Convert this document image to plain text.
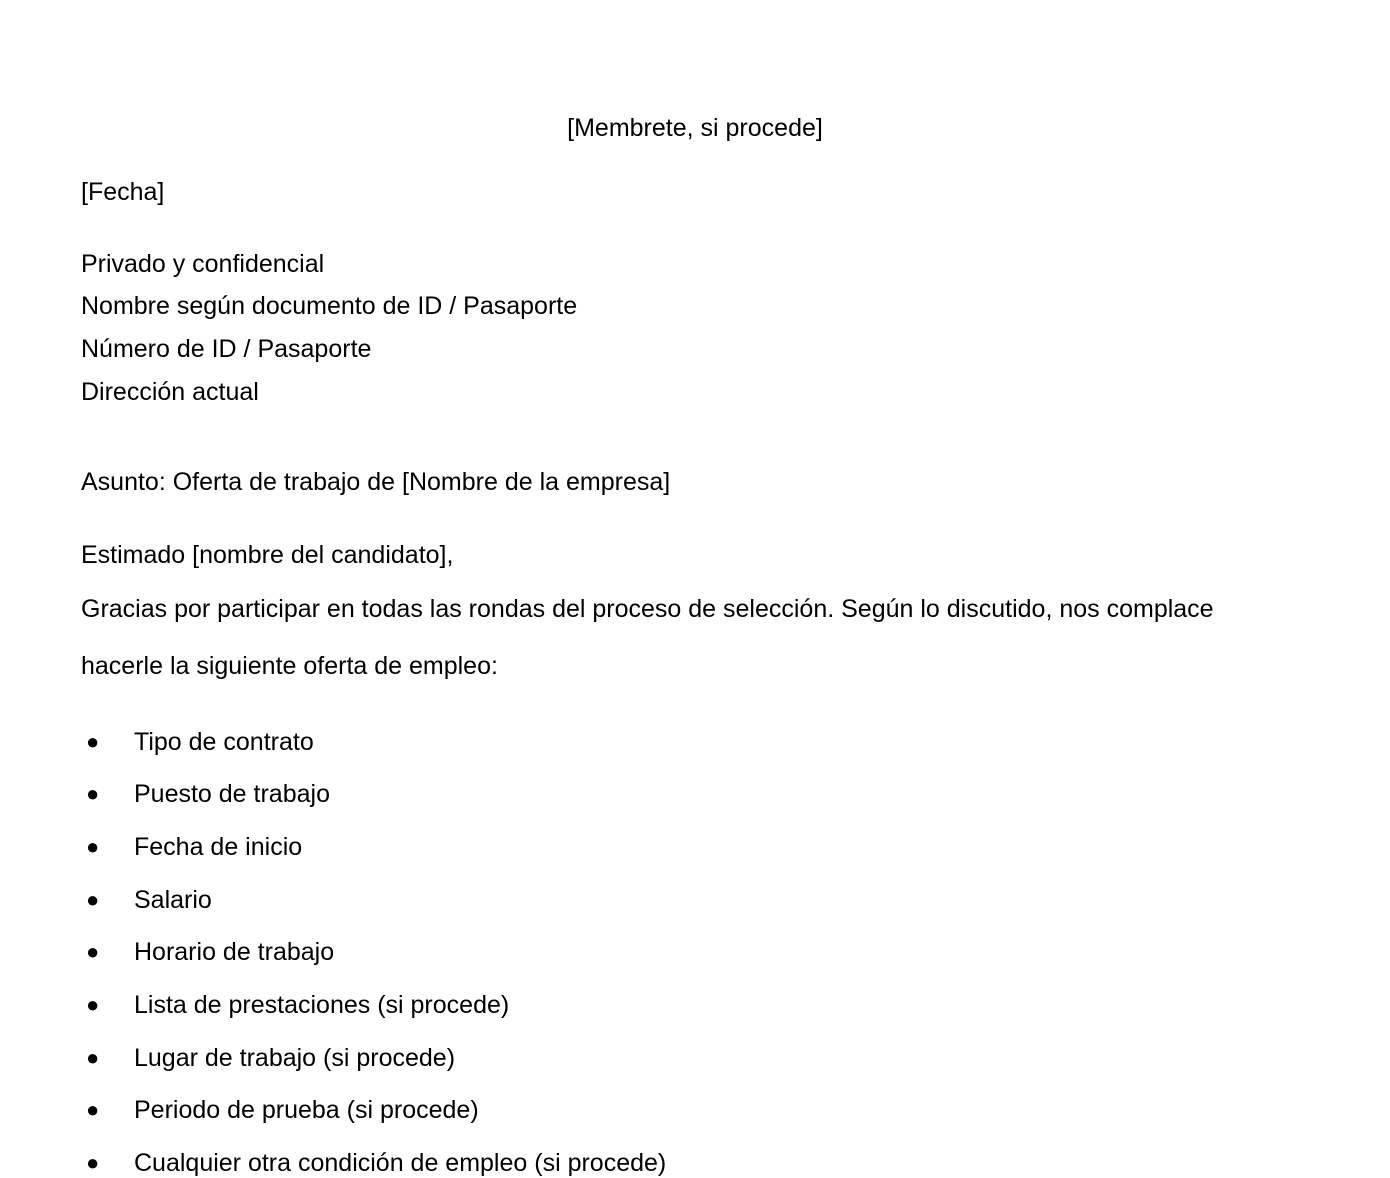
[Membrete, si procede]

[Fecha]

Privado y confidencial

Nombre según documento de ID / Pasaporte

Número de ID / Pasaporte

Dirección actual

Asunto: Oferta de trabajo de [Nombre de la empresa]

Estimado [nombre del candidato],

Gracias por participar en todas las rondas del proceso de selección. Según lo discutido, nos complace

hacerle la siguiente oferta de empleo:

● Tipo de contrato
● Puesto de trabajo
● Fecha de inicio
● Salario
● Horario de trabajo
● Lista de prestaciones (si procede)
● Lugar de trabajo (si procede)
● Periodo de prueba (si procede)
● Cualquier otra condición de empleo (si procede)
